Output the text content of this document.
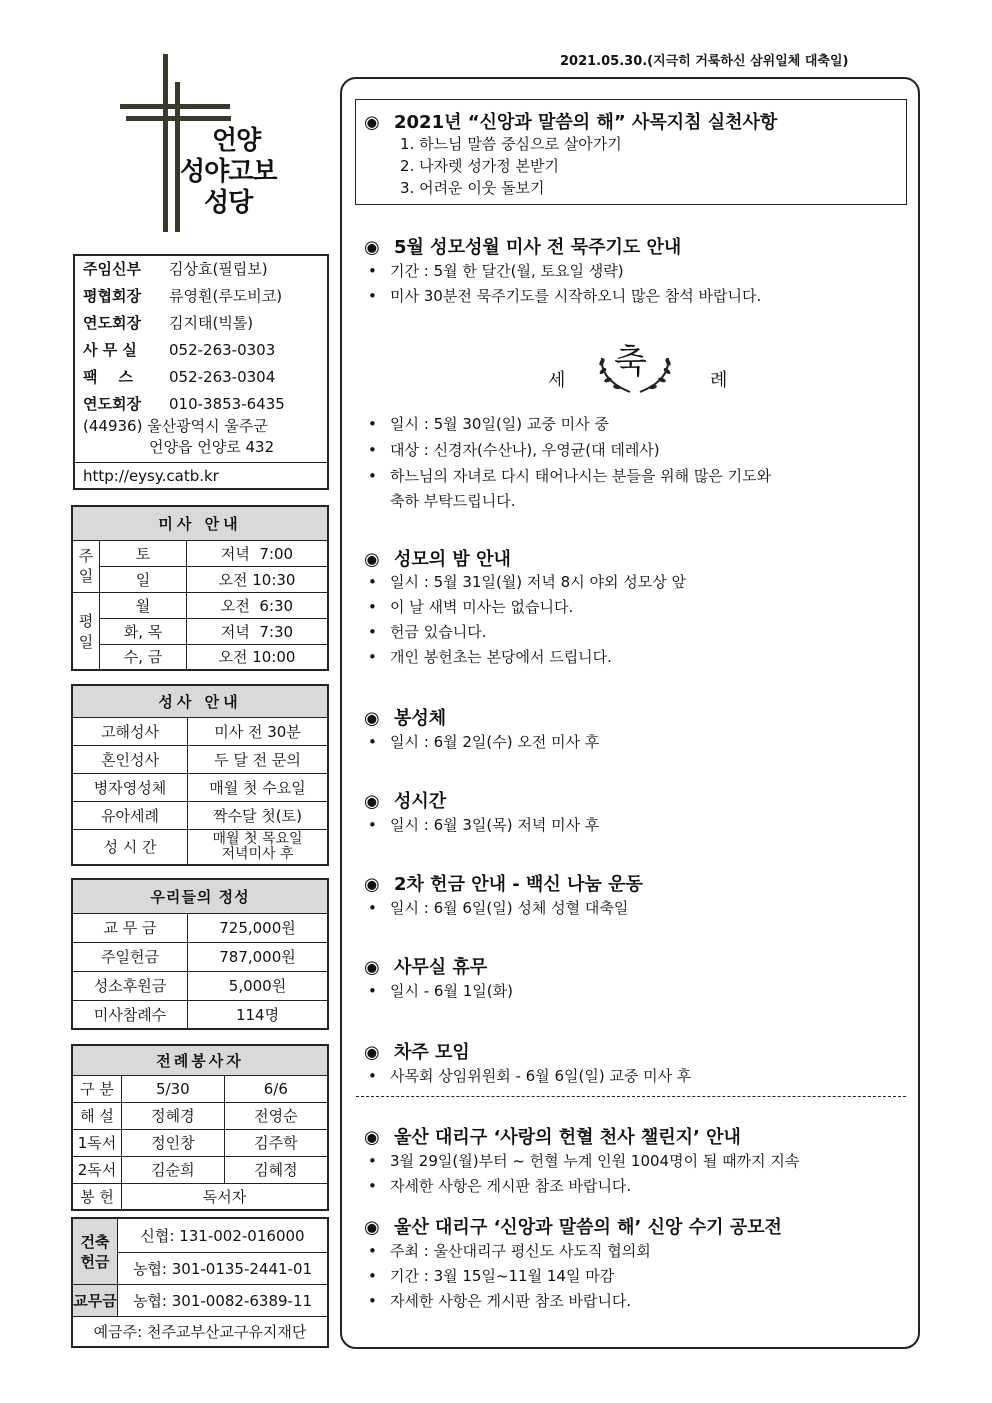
2021.05.30.(지극히 거룩하신 삼위일체 대축일)
언양
성야고보
성당
주임신부 김상효(필립보)
평협회장 류영훤(루도비코)
연도회장 김지태(빅톨)
사 무 실 052-263-0303
팩    스 052-263-0304
연도회장 010-3853-6435
(44936) 울산광역시 울주군
언양읍 언양로 432
http://eysy.catb.kr
미사 안내		
주일	토	저녁  7:00
	일	오전 10:30
평일	월	오전  6:30
	화, 목	저녁  7:30
	수, 금	오전 10:00
성사 안내	
고해성사	미사 전 30분
혼인성사	두 달 전 문의
병자영성체	매월 첫 수요일
유아세례	짝수달 첫(토)
성 시 간	매월 첫 목요일
저녁미사 후
우리들의 정성	
교 무 금	725,000원
주일헌금	787,000원
성소후원금	5,000원
미사참례수	114명
전례봉사자		
구 분	5/30	6/6
해 설	정혜경	전영순
1독서	정인창	김주학
2독서	김순희	김혜정
봉 헌	독서자	
건축
헌금	신협: 131-002-016000
	농협: 301-0135-2441-01
교무금	농협: 301-0082-6389-11
예금주: 천주교부산교구유지재단	
◉ 2021년 “신앙과 말씀의 해” 사목지침 실천사항
1. 하느님 말씀 중심으로 살아가기
2. 나자렛 성가정 본받기
3. 어려운 이웃 돌보기
◉ 5월 성모성월 미사 전 묵주기도 안내
• 기간 : 5월 한 달간(월, 토요일 생략)
• 미사 30분전 묵주기도를 시작하오니 많은 참석 바랍니다.
세 축	례
• 일시 : 5월 30일(일) 교중 미사 중
• 대상 : 신경자(수산나), 우영균(대 데레사)
• 하느님의 자녀로 다시 태어나시는 분들을 위해 많은 기도와
축하 부탁드립니다.
◉ 성모의 밤 안내
• 일시 : 5월 31일(월) 저녁 8시 야외 성모상 앞
• 이 날 새벽 미사는 없습니다.
• 헌금 있습니다.
• 개인 봉헌초는 본당에서 드립니다.
◉ 봉성체
• 일시 : 6월 2일(수) 오전 미사 후
◉ 성시간
• 일시 : 6월 3일(목) 저녁 미사 후
◉ 2차 헌금 안내 - 백신 나눔 운동
• 일시 : 6월 6일(일) 성체 성혈 대축일
◉ 사무실 휴무
• 일시 - 6월 1일(화)
◉ 차주 모임
• 사목회 상임위원회 - 6월 6일(일) 교중 미사 후
◉ 울산 대리구 ‘사랑의 헌혈 천사 챌린지’ 안내
• 3월 29일(월)부터 ~ 헌혈 누계 인원 1004명이 될 때까지 지속
• 자세한 사항은 게시판 참조 바랍니다.
◉ 울산 대리구 ‘신앙과 말씀의 해’ 신앙 수기 공모전
• 주최 : 울산대리구 평신도 사도직 협의회
• 기간 : 3월 15일~11월 14일 마감
• 자세한 사항은 게시판 참조 바랍니다.
